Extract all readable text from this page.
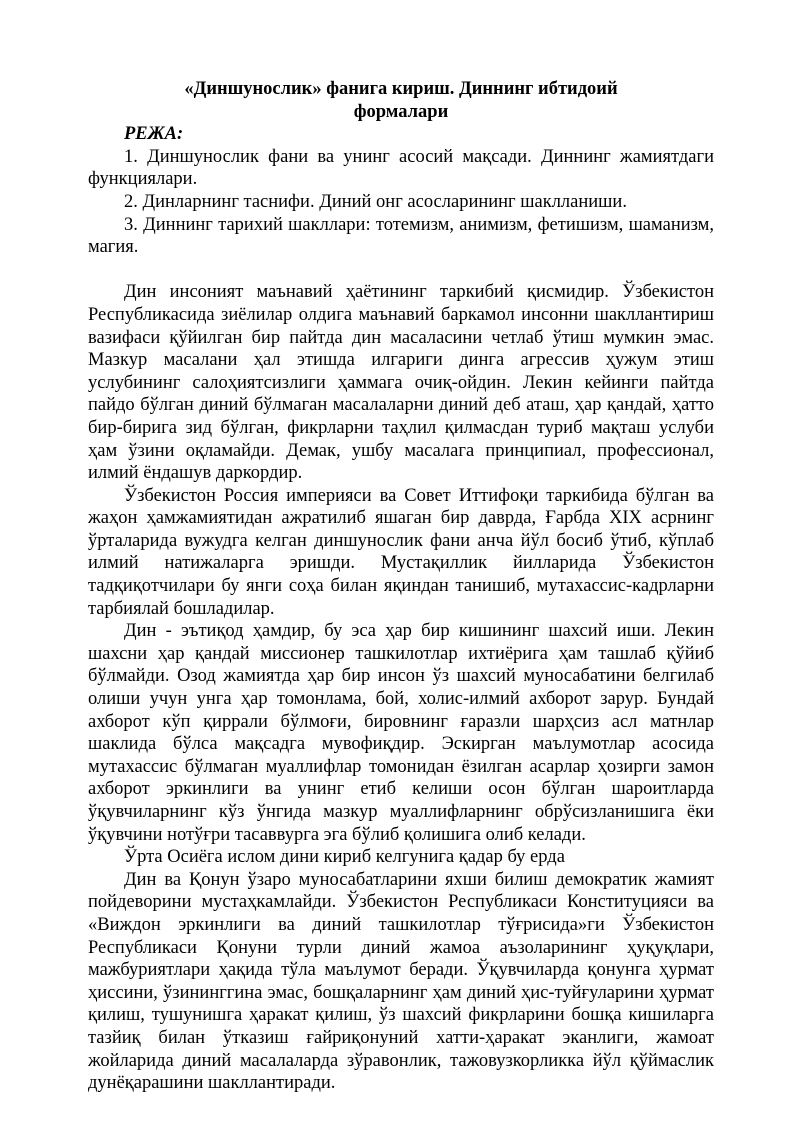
«Диншунослик» фанига кириш. Диннинг ибтидоий

формалари

РЕЖА:

1. Диншунослик фани ва унинг асосий мақсади. Диннинг жамиятдаги функциялари.

2. Динларнинг таснифи. Диний онг асосларининг шаклланиши.

3. Диннинг тарихий шакллари: тотемизм, анимизм, фетишизм, шаманизм, магия.

Дин инсоният маънавий ҳаётининг таркибий қисмидир. Ўзбекистон Республикасида зиёлилар олдига маънавий баркамол инсонни шакллантириш вазифаси қўйилган бир пайтда дин масаласини четлаб ўтиш мумкин эмас. Мазкур масалани ҳал этишда илгариги динга агрессив ҳужум этиш услубининг салоҳиятсизлиги ҳаммага очиқ-ойдин. Лекин кейинги пайтда пайдо бўлган диний бўлмаган масалаларни диний деб аташ, ҳар қандай, ҳатто бир-бирига зид бўлган, фикрларни таҳлил қилмасдан туриб мақташ услуби ҳам ўзини оқламайди. Демак, ушбу масалага принципиал, профессионал, илмий ёндашув даркордир.

Ўзбекистон Россия империяси ва Совет Иттифоқи таркибида бўлган ва жаҳон ҳамжамиятидан ажратилиб яшаган бир даврда, Ғарбда XIX асрнинг ўрталарида вужудга келган диншунослик фани анча йўл босиб ўтиб, кўплаб илмий натижаларга эришди. Мустақиллик йилларида Ўзбекистон тадқиқотчилари бу янги соҳа билан яқиндан танишиб, мутахассис-кадрларни тарбиялай бошладилар.

Дин - эътиқод ҳамдир, бу эса ҳар бир кишининг шахсий иши. Лекин шахсни ҳар қандай миссионер ташкилотлар ихтиёрига ҳам ташлаб қўйиб бўлмайди. Озод жамиятда ҳар бир инсон ўз шахсий муносабатини белгилаб олиши учун унга ҳар томонлама, бой, холис-илмий ахборот зарур. Бундай ахборот кўп қиррали бўлмоғи, бировнинг ғаразли шарҳсиз асл матнлар шаклида бўлса мақсадга мувофиқдир. Эскирган маълумотлар асосида мутахассис бўлмаган муаллифлар томонидан ёзилган асарлар ҳозирги замон ахборот эркинлиги ва унинг етиб келиши осон бўлган шароитларда ўқувчиларнинг кўз ўнгида мазкур муаллифларнинг обрўсизланишига ёки ўқувчини нотўғри тасаввурга эга бўлиб қолишига олиб келади.

Ўрта Осиёга ислом дини кириб келгунига қадар бу ерда

Дин ва Қонун ўзаро муносабатларини яхши билиш демократик жамият пойдеворини мустаҳкамлайди. Ўзбекистон Республикаси Конституцияси ва «Виждон эркинлиги ва диний ташкилотлар тўғрисида»ги Ўзбекистон Республикаси Қонуни турли диний жамоа аъзоларининг ҳуқуқлари, мажбуриятлари ҳақида тўла маълумот беради. Ўқувчиларда қонунга ҳурмат ҳиссини, ўзининггина эмас, бошқаларнинг ҳам диний ҳис-туйғуларини ҳурмат қилиш, тушунишга ҳаракат қилиш, ўз шахсий фикрларини бошқа кишиларга тазйиқ билан ўтказиш ғайриқонуний хатти-ҳаракат эканлиги, жамоат жойларида диний масалаларда зўравонлик, тажовузкорликка йўл қўймаслик дунёқарашини шакллантиради.
